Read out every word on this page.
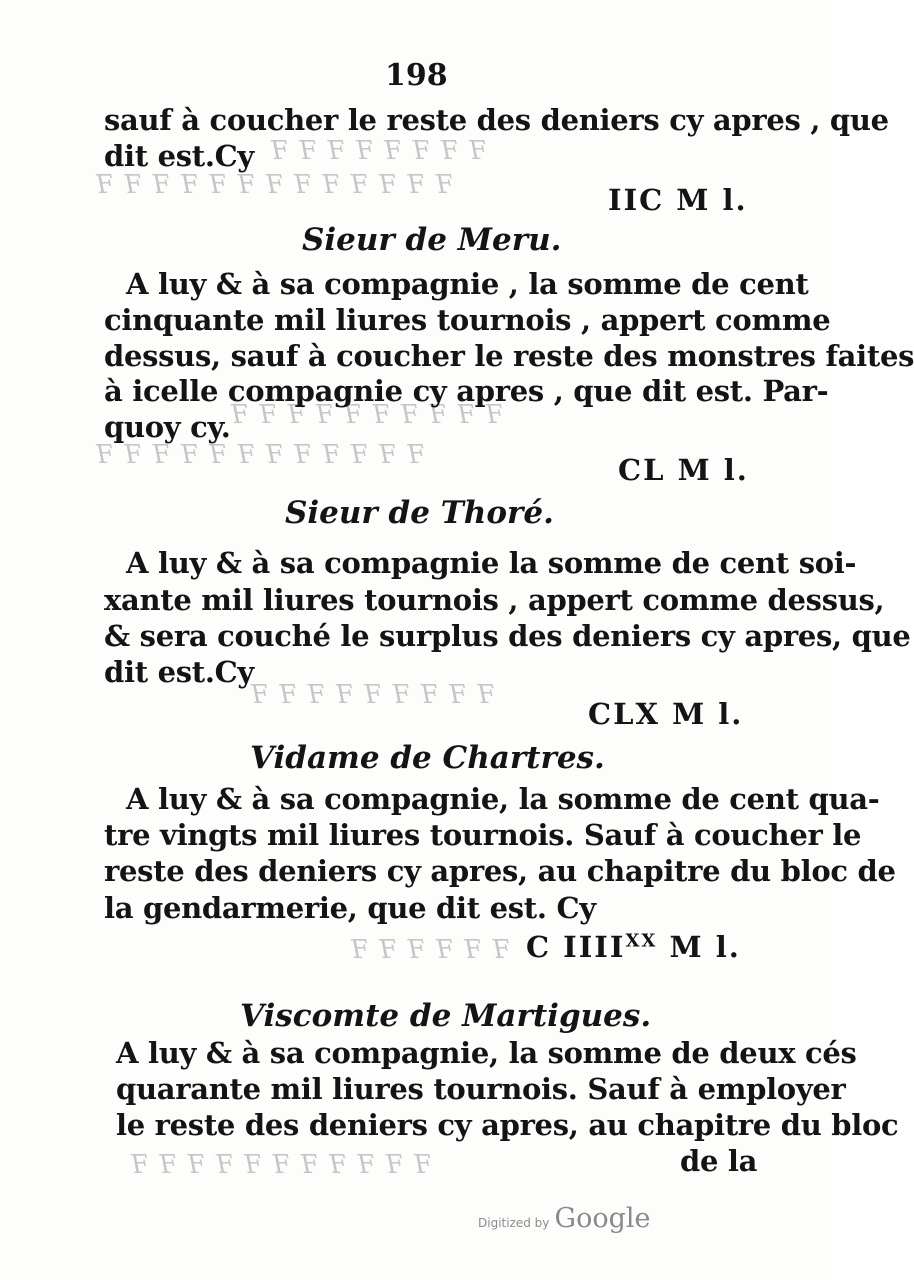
ꟻ ꟻ ꟻ ꟻ ꟻ ꟻ ꟻ ꟻ
ꟻ ꟻ ꟻ ꟻ ꟻ ꟻ ꟻ ꟻ ꟻ ꟻ ꟻ ꟻ ꟻ
ꟻ ꟻ ꟻ ꟻ ꟻ ꟻ ꟻ ꟻ ꟻ ꟻ
ꟻ ꟻ ꟻ ꟻ ꟻ ꟻ ꟻ ꟻ ꟻ ꟻ ꟻ ꟻ
ꟻ ꟻ ꟻ ꟻ ꟻ ꟻ ꟻ ꟻ ꟻ
ꟻ ꟻ ꟻ ꟻ ꟻ ꟻ
ꟻ ꟻ ꟻ ꟻ ꟻ ꟻ ꟻ ꟻ ꟻ ꟻ ꟻ
198
sauf à coucher le reste des deniers cy apres , que
dit est.Cy
IIC M l.
Sieur de Meru.
A luy & à sa compagnie , la somme de cent
cinquante mil liures tournois , appert comme
dessus, sauf à coucher le reste des monstres faites
à icelle compagnie cy apres , que dit est. Par-
quoy cy.
CL M l.
Sieur de Thoré.
A luy & à sa compagnie la somme de cent soi-
xante mil liures tournois , appert comme dessus,
& sera couché le surplus des deniers cy apres, que
dit est.Cy
CLX M l.
Vidame de Chartres.
A luy & à sa compagnie, la somme de cent qua-
tre vingts mil liures tournois. Sauf à coucher le
reste des deniers cy apres, au chapitre du bloc de
la gendarmerie, que dit est. Cy
C $IIII^{XX}$ M l.
Viscomte de Martigues.
A luy & à sa compagnie, la somme de deux cés
quarante mil liures tournois. Sauf à employer
le reste des deniers cy apres, au chapitre du bloc
de la
Digitized by Google
